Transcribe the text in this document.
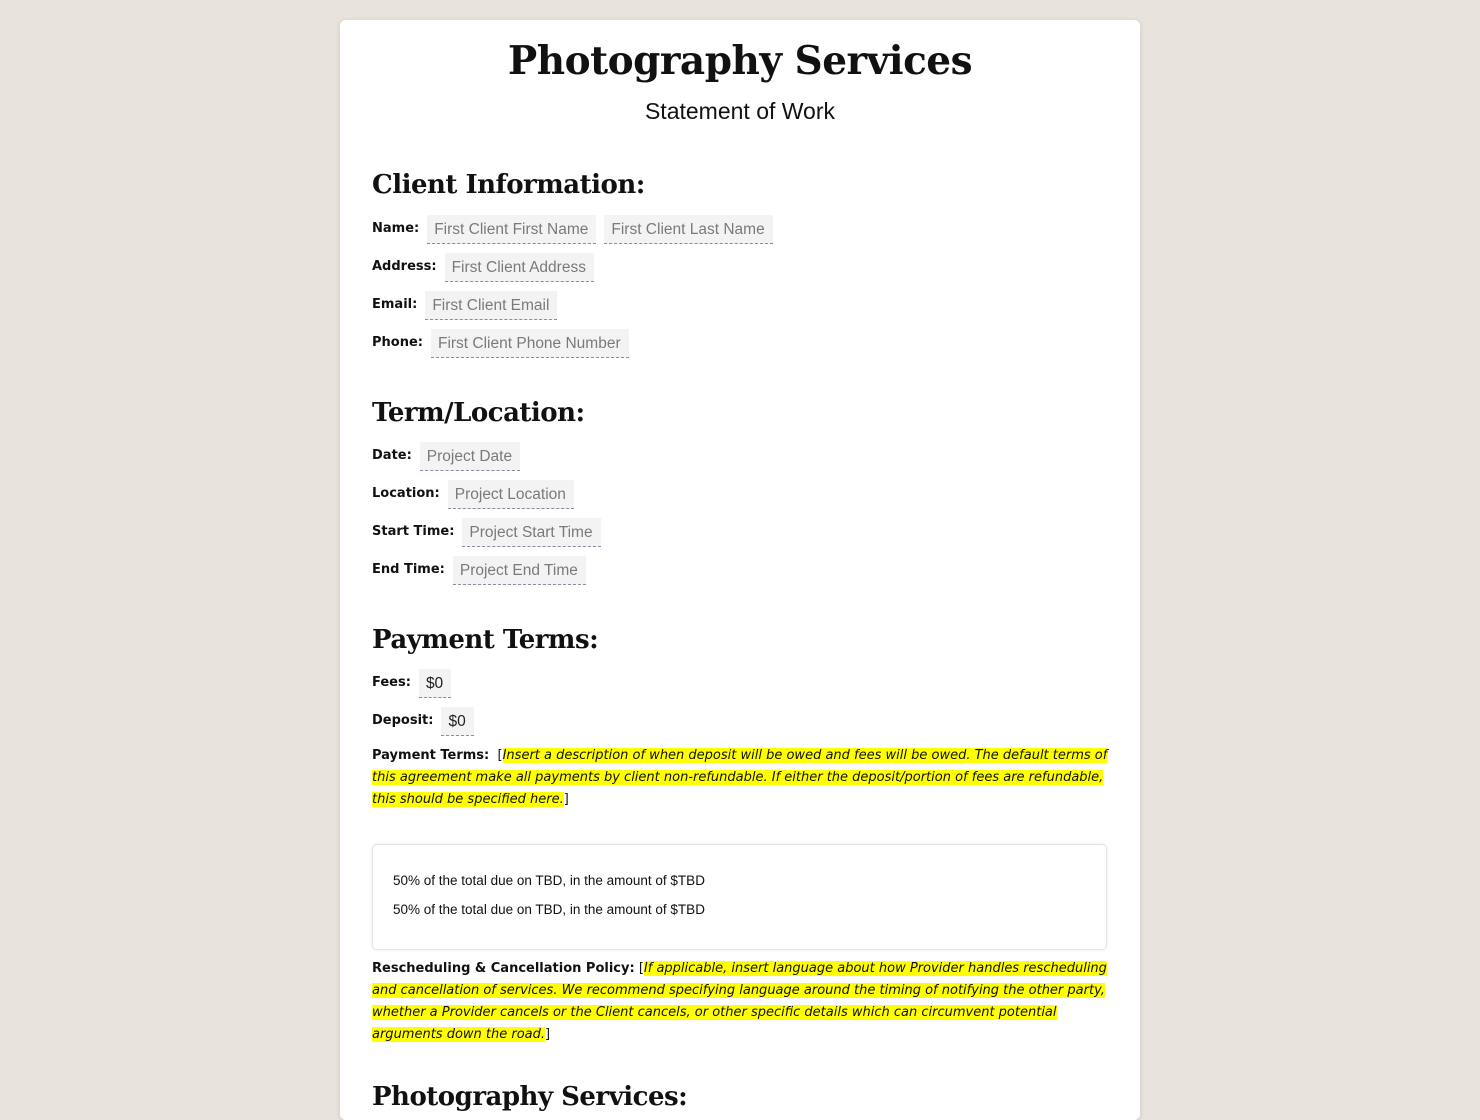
Photography Services
Statement of Work
Client Information:
Name: First Client First Name	First Client Last Name
Address: First Client Address
Email: First Client Email
Phone: First Client Phone Number
Term/Location:
Date: Project Date
Location: Project Location
Start Time: Project Start Time
End Time: Project End Time
Payment Terms:
Fees: $0
Deposit: $0
Payment Terms: [Insert a description of when deposit will be owed and fees will be owed. The default terms of this agreement make all payments by client non-refundable. If either the deposit/portion of fees are refundable, this should be specified here.]
50% of the total due on TBD, in the amount of $TBD
50% of the total due on TBD, in the amount of $TBD
Rescheduling & Cancellation Policy: [If applicable, insert language about how Provider handles rescheduling and cancellation of services. We recommend specifying language around the timing of notifying the other party, whether a Provider cancels or the Client cancels, or other specific details which can circumvent potential arguments down the road.]
Photography Services:
